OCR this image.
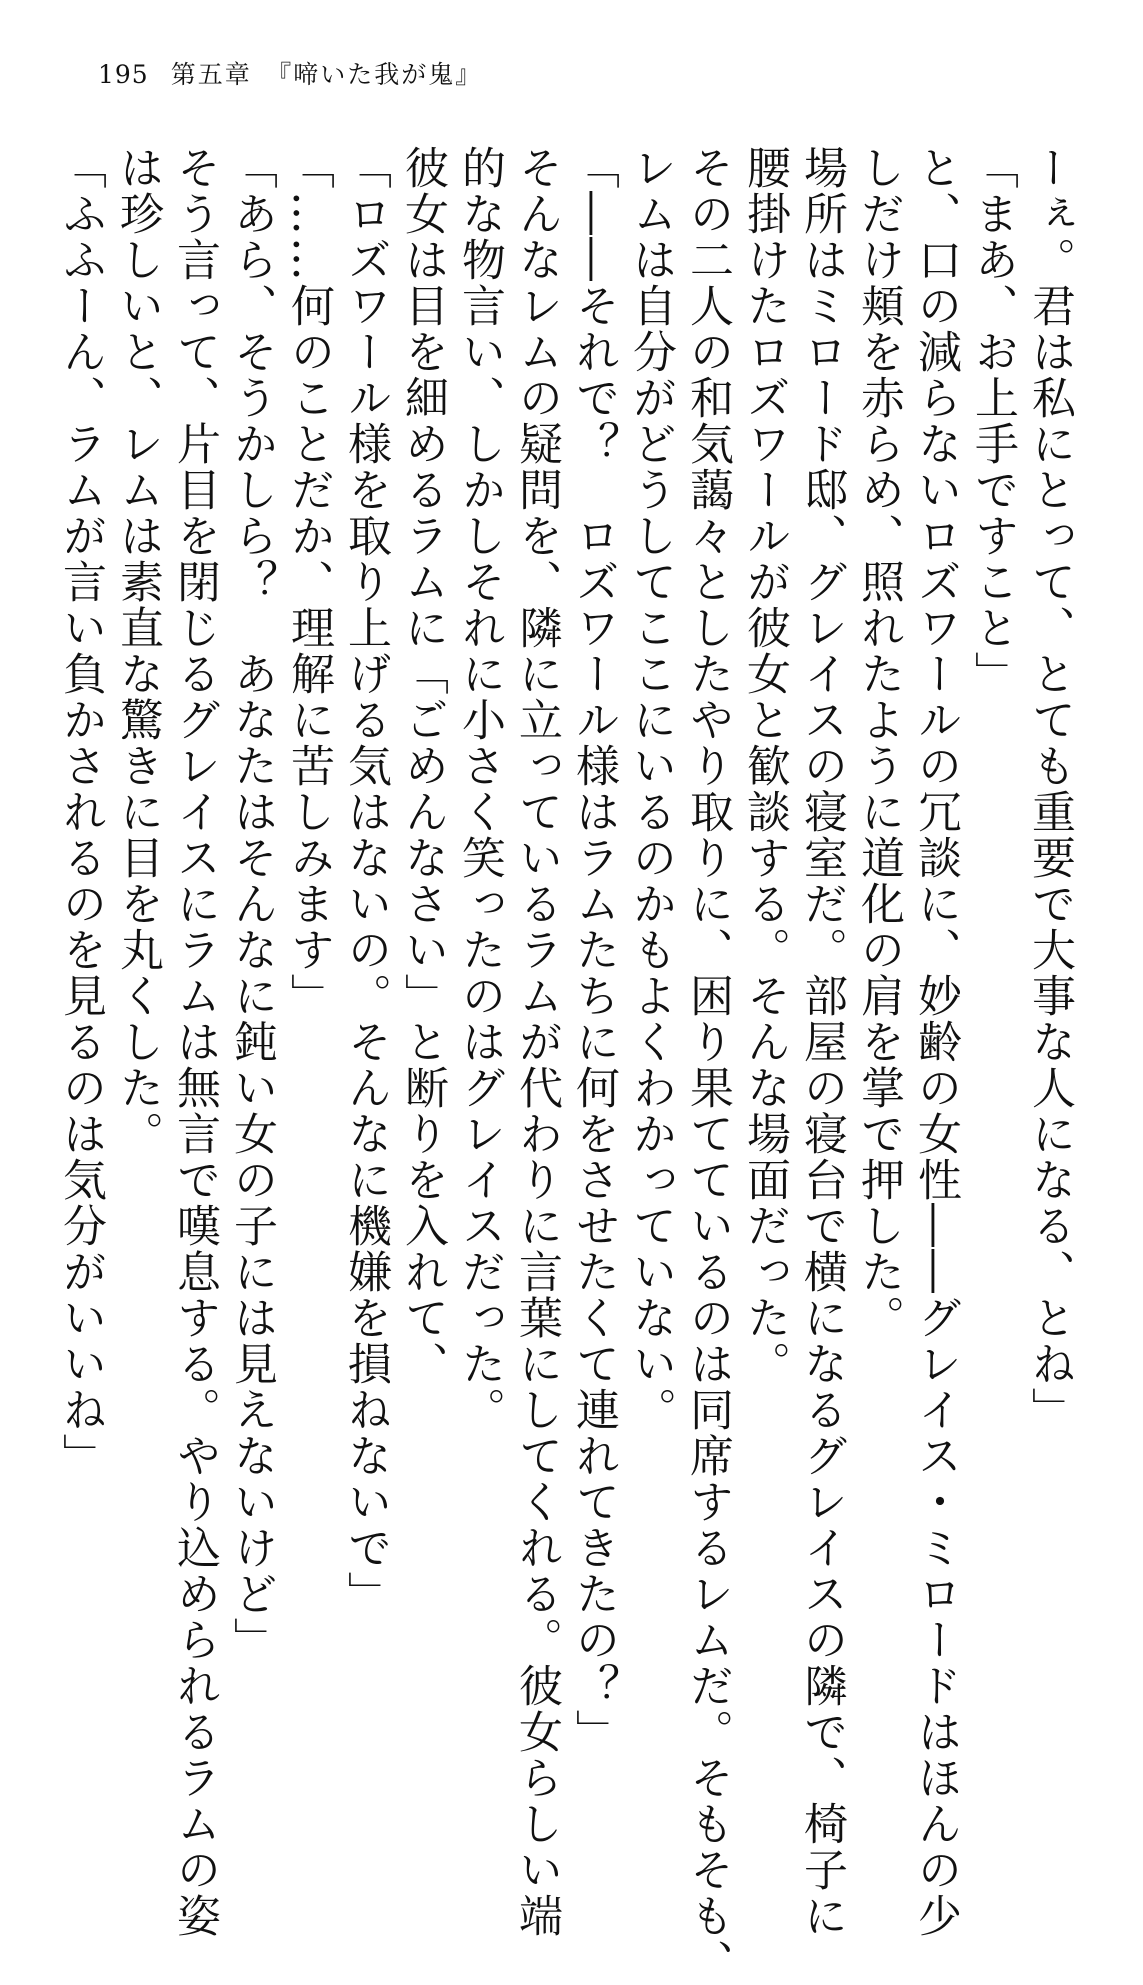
195 第五章　『啼いた我が鬼』

ーぇ。君は私にとって、とても重要で大事な人になる、とね」

「まあ、お上手ですこと」

と、口の減らないロズワールの冗談に、妙齢の女性――グレイス・ミロードはほんの少

しだけ頬を赤らめ、照れたように道化の肩を掌で押した。

場所はミロード邸、グレイスの寝室だ。部屋の寝台で横になるグレイスの隣で、椅子に

腰掛けたロズワールが彼女と歓談する。そんな場面だった。

その二人の和気藹々としたやり取りに、困り果てているのは同席するレムだ。そもそも、

レムは自分がどうしてここにいるのかもよくわかっていない。

「――それで？　ロズワール様はラムたちに何をさせたくて連れてきたの？」

そんなレムの疑問を、隣に立っているラムが代わりに言葉にしてくれる。彼女らしい端

的な物言い、しかしそれに小さく笑ったのはグレイスだった。

彼女は目を細めるラムに「ごめんなさい」と断りを入れて、

「ロズワール様を取り上げる気はないの。そんなに機嫌を損ねないで」

「……何のことだか、理解に苦しみます」

「あら、そうかしら？　あなたはそんなに鈍い女の子には見えないけど」

そう言って、片目を閉じるグレイスにラムは無言で嘆息する。やり込められるラムの姿

は珍しいと、レムは素直な驚きに目を丸くした。

「ふふーん、ラムが言い負かされるのを見るのは気分がいいね」
